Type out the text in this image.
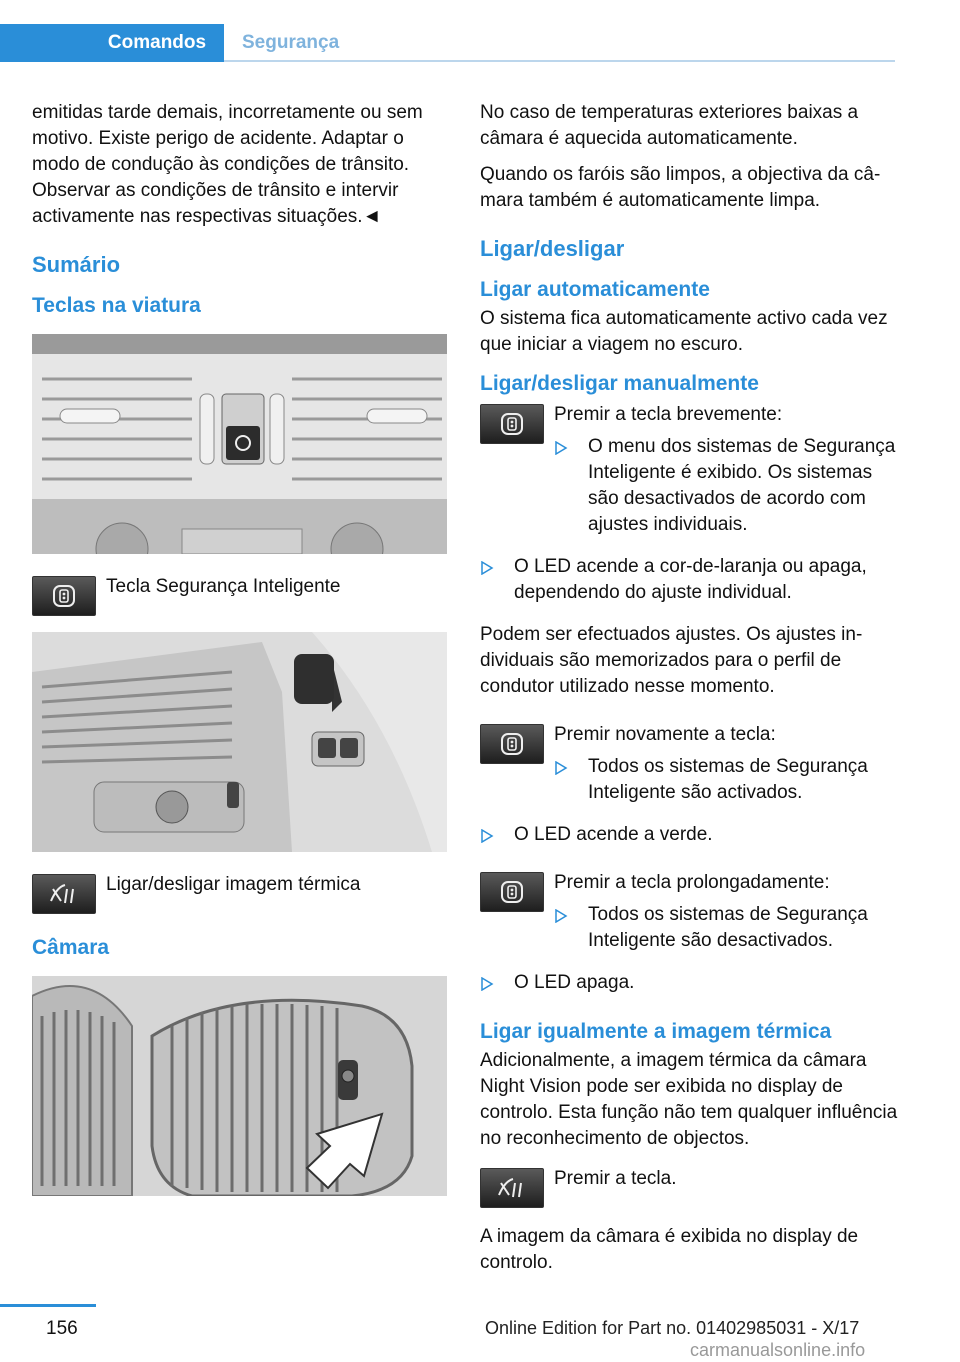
Comandos Segurança

emitidas tarde demais, incorretamente ou sem motivo. Existe perigo de acidente. Adaptar o modo de condução às condições de trânsito. Observar as condições de trânsito e intervir activamente nas respectivas situações.◄

Sumário
Teclas na viatura
Tecla Segurança Inteligente
Ligar/desligar imagem térmica
Câmara

No caso de temperaturas exteriores baixas a câmara é aquecida automaticamente.

Quando os faróis são limpos, a objectiva da câmara também é automaticamente limpa.

Ligar/desligar
Ligar automaticamente

O sistema fica automaticamente activo cada vez que iniciar a viagem no escuro.

Ligar/desligar manualmente
Premir a tecla brevemente:
O menu dos sistemas de Segurança Inteligente é exibido. Os sistemas são desactivados de acordo com ajustes individuais.
O LED acende a cor-de-laranja ou apaga, dependendo do ajuste individual.

Podem ser efectuados ajustes. Os ajustes individuais são memorizados para o perfil de condutor utilizado nesse momento.

Premir novamente a tecla:
Todos os sistemas de Segurança Inteligente são activados.
O LED acende a verde.
Premir a tecla prolongadamente:
Todos os sistemas de Segurança Inteligente são desactivados.
O LED apaga.
Ligar igualmente a imagem térmica

Adicionalmente, a imagem térmica da câmara Night Vision pode ser exibida no display de controlo. Esta função não tem qualquer influência no reconhecimento de objectos.

Premir a tecla.

A imagem da câmara é exibida no display de controlo.

156	Online Edition for Part no. 01402985031 - X/17
carmanualsonline.info
